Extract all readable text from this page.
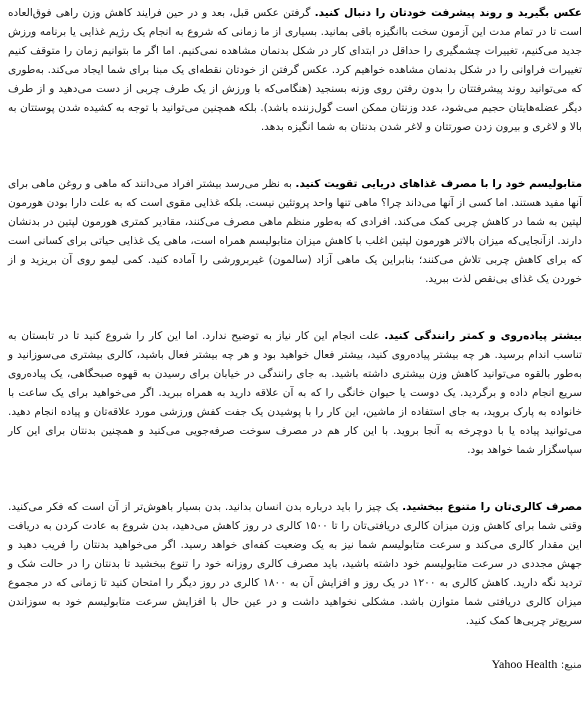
عکس بگیرید و روند پیشرفت خودتان را دنبال کنید. گرفتن عکس قبل، بعد و در حین فرایند کاهش وزن راهی فوق‌العاده است تا در تمام مدت این آزمون سخت باانگیزه باقی بمانید. بسیاری از ما زمانی که شروع به انجام یک رژیم غذایی یا برنامه ورزش جدید می‌کنیم، تغییرات چشمگیری را حداقل در ابتدای کار در شکل بدنمان مشاهده نمی‌کنیم. اما اگر ما بتوانیم زمان را متوقف کنیم تغییرات فراوانی را در شکل بدنمان مشاهده خواهیم کرد. عکس گرفتن از خودتان نقطه‌ای یک مبنا برای شما ایجاد می‌کند. به‌طوری که می‌توانید روند پیشرفتتان را بدون رفتن روی وزنه بسنجید (هنگامی‌که با ورزش از یک طرف چربی از دست می‌دهید و از طرف دیگر عضله‌هایتان حجیم می‌شود، عدد وزنتان ممکن است گول‌زننده باشد). بلکه همچنین می‌توانید با توجه به کشیده شدن پوستتان به بالا و لاغری و بیرون زدن صورتتان و لاغر شدن بدنتان به شما انگیزه بدهد.

متابولیسم خود را با مصرف غذاهای دریایی تقویت کنید. به نظر می‌رسد بیشتر افراد می‌دانند که ماهی و روغن ماهی برای آنها مفید هستند. اما کسی از آنها می‌داند چرا؟ ماهی تنها واحد پروتئین نیست. بلکه غذایی مقوی است که به علت دارا بودن هورمون لپتین به شما در کاهش چربی کمک می‌کند. افرادی که به‌طور منظم ماهی مصرف می‌کنند، مقادیر کمتری هورمون لپتین در بدنشان دارند. ازآنجایی‌که میزان بالاتر هورمون لپتین اغلب با کاهش میزان متابولیسم همراه است، ماهی یک غذایی حیاتی برای کسانی است که برای کاهش چربی تلاش می‌کنند؛ بنابراین یک ماهی آزاد (سالمون) غیربرورشی را آماده کنید. کمی لیمو روی آن بریزید و از خوردن یک غذای بی‌نقص لذت ببرید.

بیشتر پیاده‌روی و کمتر رانندگی کنید. علت انجام این کار نیاز به توضیح ندارد. اما این کار را شروع کنید تا در تابستان به تناسب اندام برسید. هر چه بیشتر پیاده‌روی کنید، بیشتر فعال خواهید بود و هر چه بیشتر فعال باشید، کالری بیشتری می‌سوزانید و به‌طور بالقوه می‌توانید کاهش وزن بیشتری داشته باشید. به جای رانندگی در خیابان برای رسیدن به قهوه صبحگاهی، یک پیاده‌روی سریع انجام داده و برگردید. یک دوست یا حیوان خانگی را که به آن علاقه دارید به همراه ببرید. اگر می‌خواهید برای یک ساعت با خانواده به پارک بروید، به جای استفاده از ماشین، این کار را با پوشیدن یک جفت کفش ورزشی مورد علاقه‌تان و پیاده انجام دهید. می‌توانید پیاده یا با دوچرخه به آنجا بروید. با این کار هم در مصرف سوخت صرفه‌جویی می‌کنید و همچنین بدنتان برای این کار سپاسگزار شما خواهد بود.

مصرف کالری‌تان را متنوع ببخشید. یک چیز را باید درباره بدن انسان بدانید. بدن بسیار باهوش‌تر از آن است که فکر می‌کنید. وقتی شما برای کاهش وزن میزان کالری دریافتی‌تان را تا ۱۵۰۰ کالری در روز کاهش می‌دهید، بدن شروع به عادت کردن به دریافت این مقدار کالری می‌کند و سرعت متابولیسم شما نیز به یک وضعیت کفه‌ای خواهد رسید. اگر می‌خواهید بدنتان را فریب دهید و جهش مجددی در سرعت متابولیسم خود داشته باشید، باید مصرف کالری روزانه خود را تنوع ببخشید تا بدنتان را در حالت شک و تردید نگه دارید. کاهش کالری به ۱۲۰۰ در یک روز و افزایش آن به ۱۸۰۰ کالری در روز دیگر را امتحان کنید تا زمانی که در مجموع میزان کالری دریافتی شما متوازن باشد. مشکلی نخواهید داشت و در عین حال با افزایش سرعت متابولیسم خود به سوزاندن سریع‌تر چربی‌ها کمک کنید.

منبع: Yahoo Health
